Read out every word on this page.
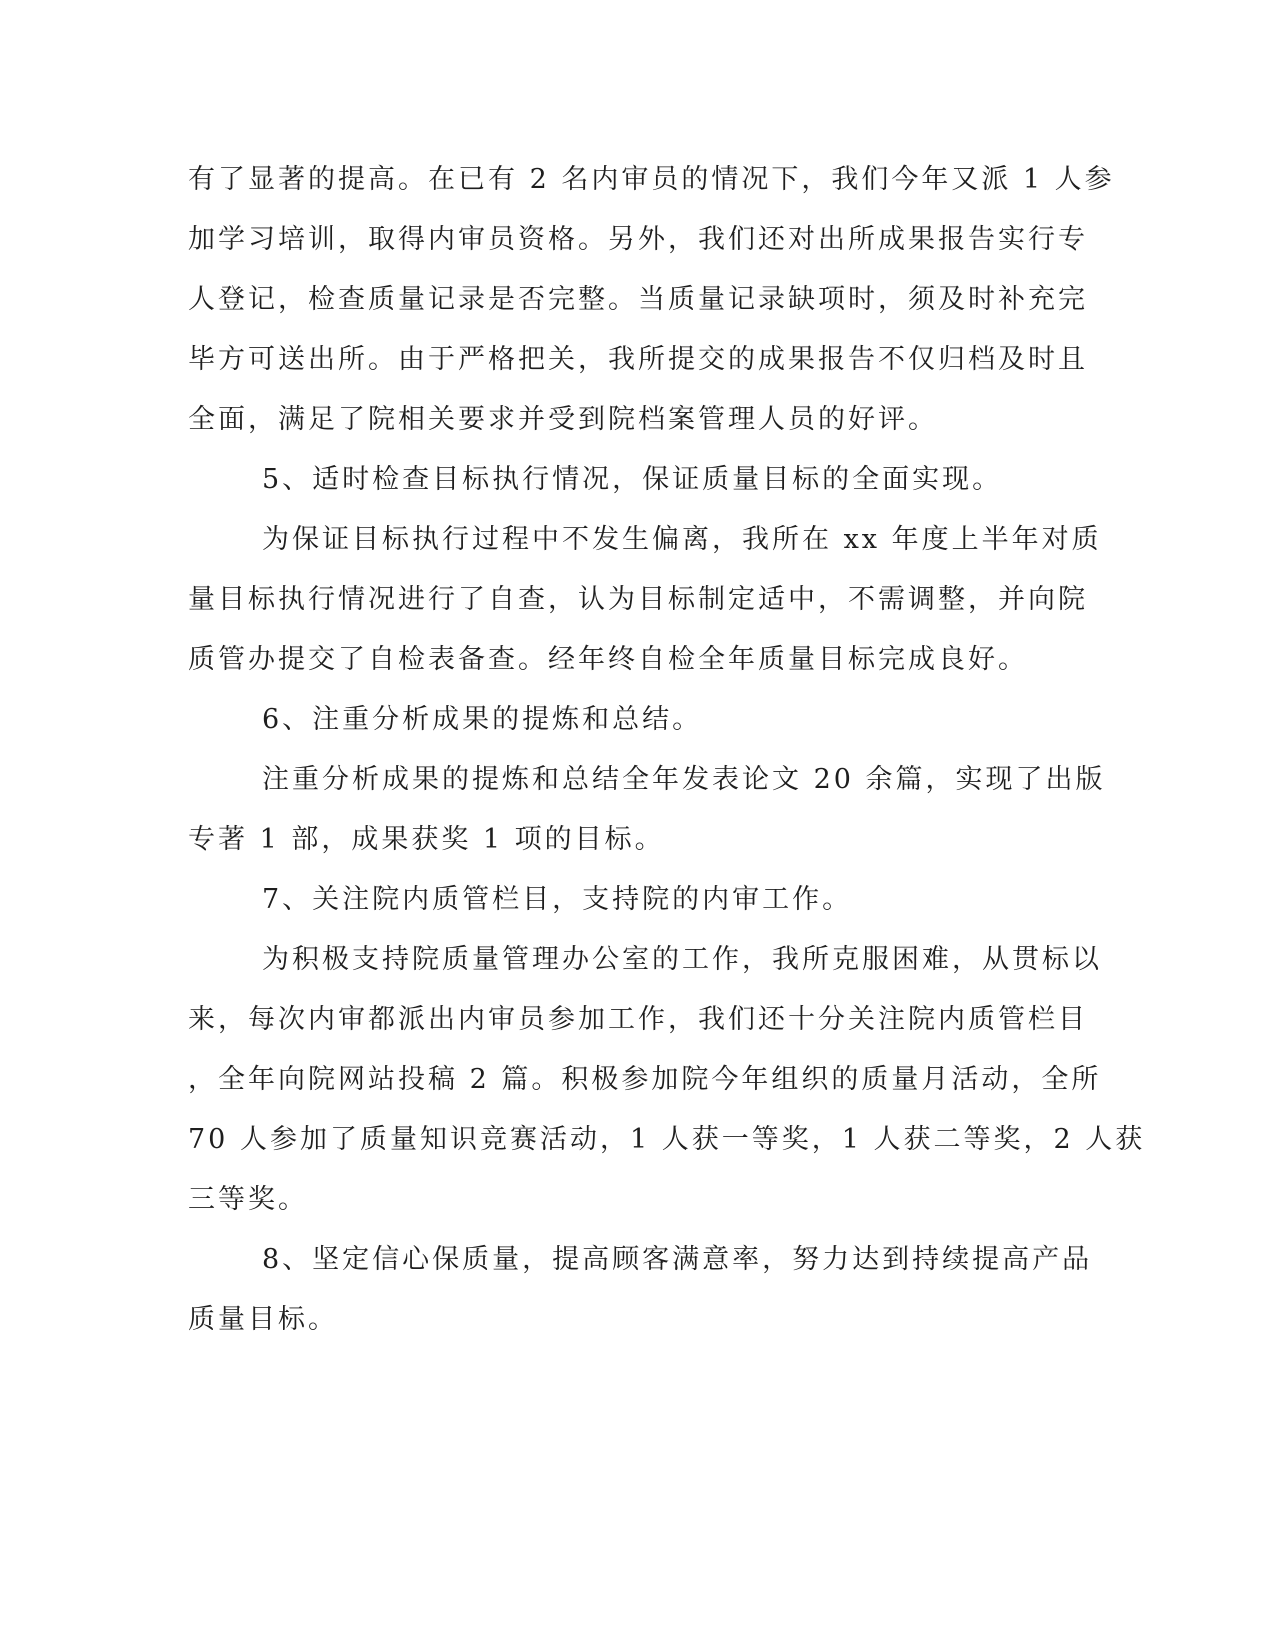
有了显著的提高。在已有 2 名内审员的情况下，我们今年又派 1 人参
加学习培训，取得内审员资格。另外，我们还对出所成果报告实行专
人登记，检查质量记录是否完整。当质量记录缺项时，须及时补充完
毕方可送出所。由于严格把关，我所提交的成果报告不仅归档及时且
全面，满足了院相关要求并受到院档案管理人员的好评。
5、适时检查目标执行情况，保证质量目标的全面实现。
为保证目标执行过程中不发生偏离，我所在 xx 年度上半年对质
量目标执行情况进行了自查，认为目标制定适中，不需调整，并向院
质管办提交了自检表备查。经年终自检全年质量目标完成良好。
6、注重分析成果的提炼和总结。
注重分析成果的提炼和总结全年发表论文 20 余篇，实现了出版
专著 1 部，成果获奖 1 项的目标。
7、关注院内质管栏目，支持院的内审工作。
为积极支持院质量管理办公室的工作，我所克服困难，从贯标以
来，每次内审都派出内审员参加工作，我们还十分关注院内质管栏目
，全年向院网站投稿 2 篇。积极参加院今年组织的质量月活动，全所
70 人参加了质量知识竞赛活动，1 人获一等奖，1 人获二等奖，2 人获
三等奖。
8、坚定信心保质量，提高顾客满意率，努力达到持续提高产品
质量目标。
